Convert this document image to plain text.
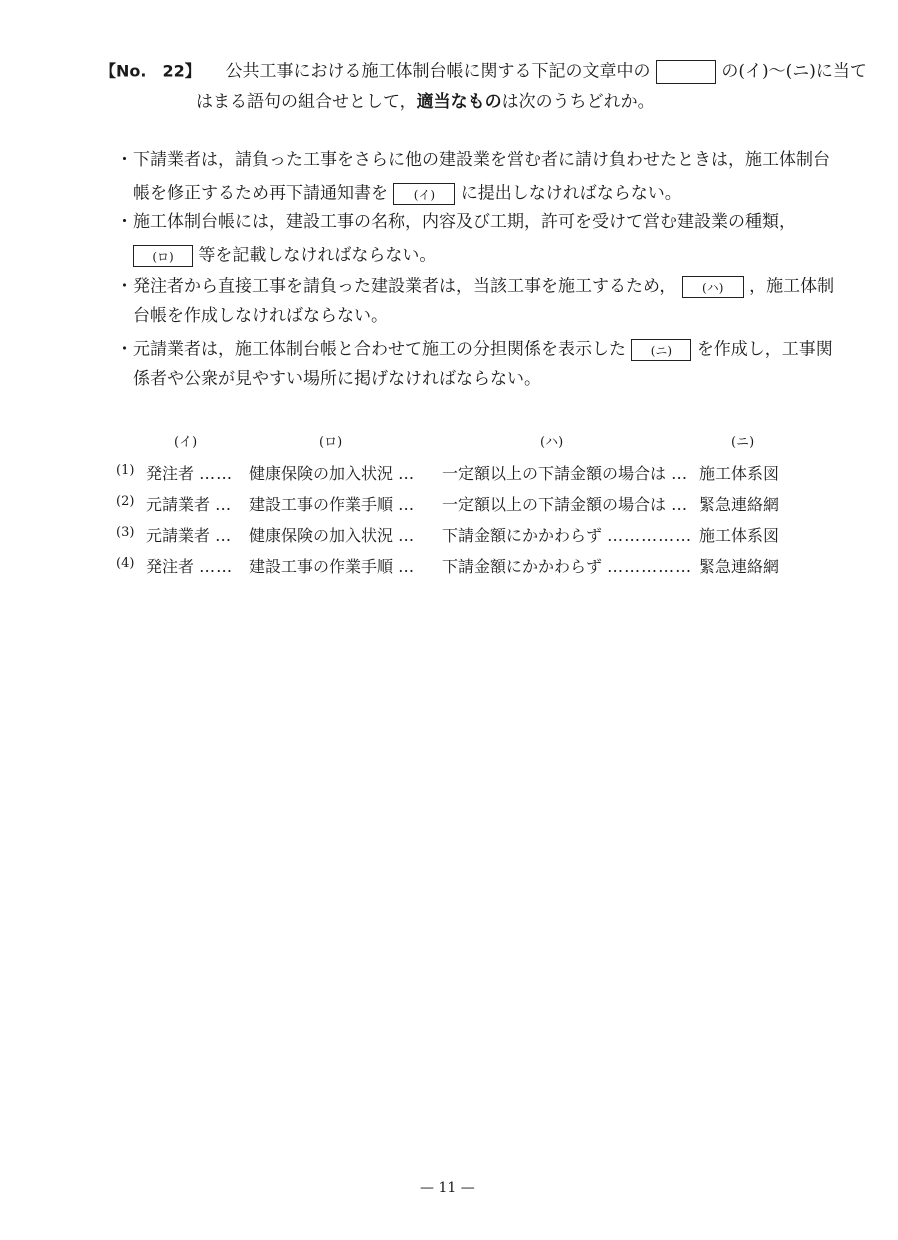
【No.　22】 公共工事における施工体制台帳に関する下記の文章中の	の(イ)〜(ニ)に当て
はまる語句の組合せとして，適当なものは次のうちどれか。
・下請業者は，請負った工事をさらに他の建設業を営む者に請け負わせたときは，施工体制台
帳を修正するため再下請通知書を (イ) に提出しなければならない。
・施工体制台帳には，建設工事の名称，内容及び工期，許可を受けて営む建設業の種類，
(ロ) 等を記載しなければならない。
・発注者から直接工事を請負った建設業者は，当該工事を施工するため， (ハ) ，施工体制
台帳を作成しなければならない。
・元請業者は，施工体制台帳と合わせて施工の分担関係を表示した (ニ) を作成し，工事関
係者や公衆が見やすい場所に掲げなければならない。
(イ)	(ロ)	(ハ)	(ニ)
(1) 発注者 …… 健康保険の加入状況 … 一定額以上の下請金額の場合は … 施工体系図
(2) 元請業者 … 建設工事の作業手順 … 一定額以上の下請金額の場合は … 緊急連絡網
(3) 元請業者 … 健康保険の加入状況 … 下請金額にかかわらず …………… 施工体系図
(4) 発注者 …… 建設工事の作業手順 … 下請金額にかかわらず …………… 緊急連絡網
— 11 —
